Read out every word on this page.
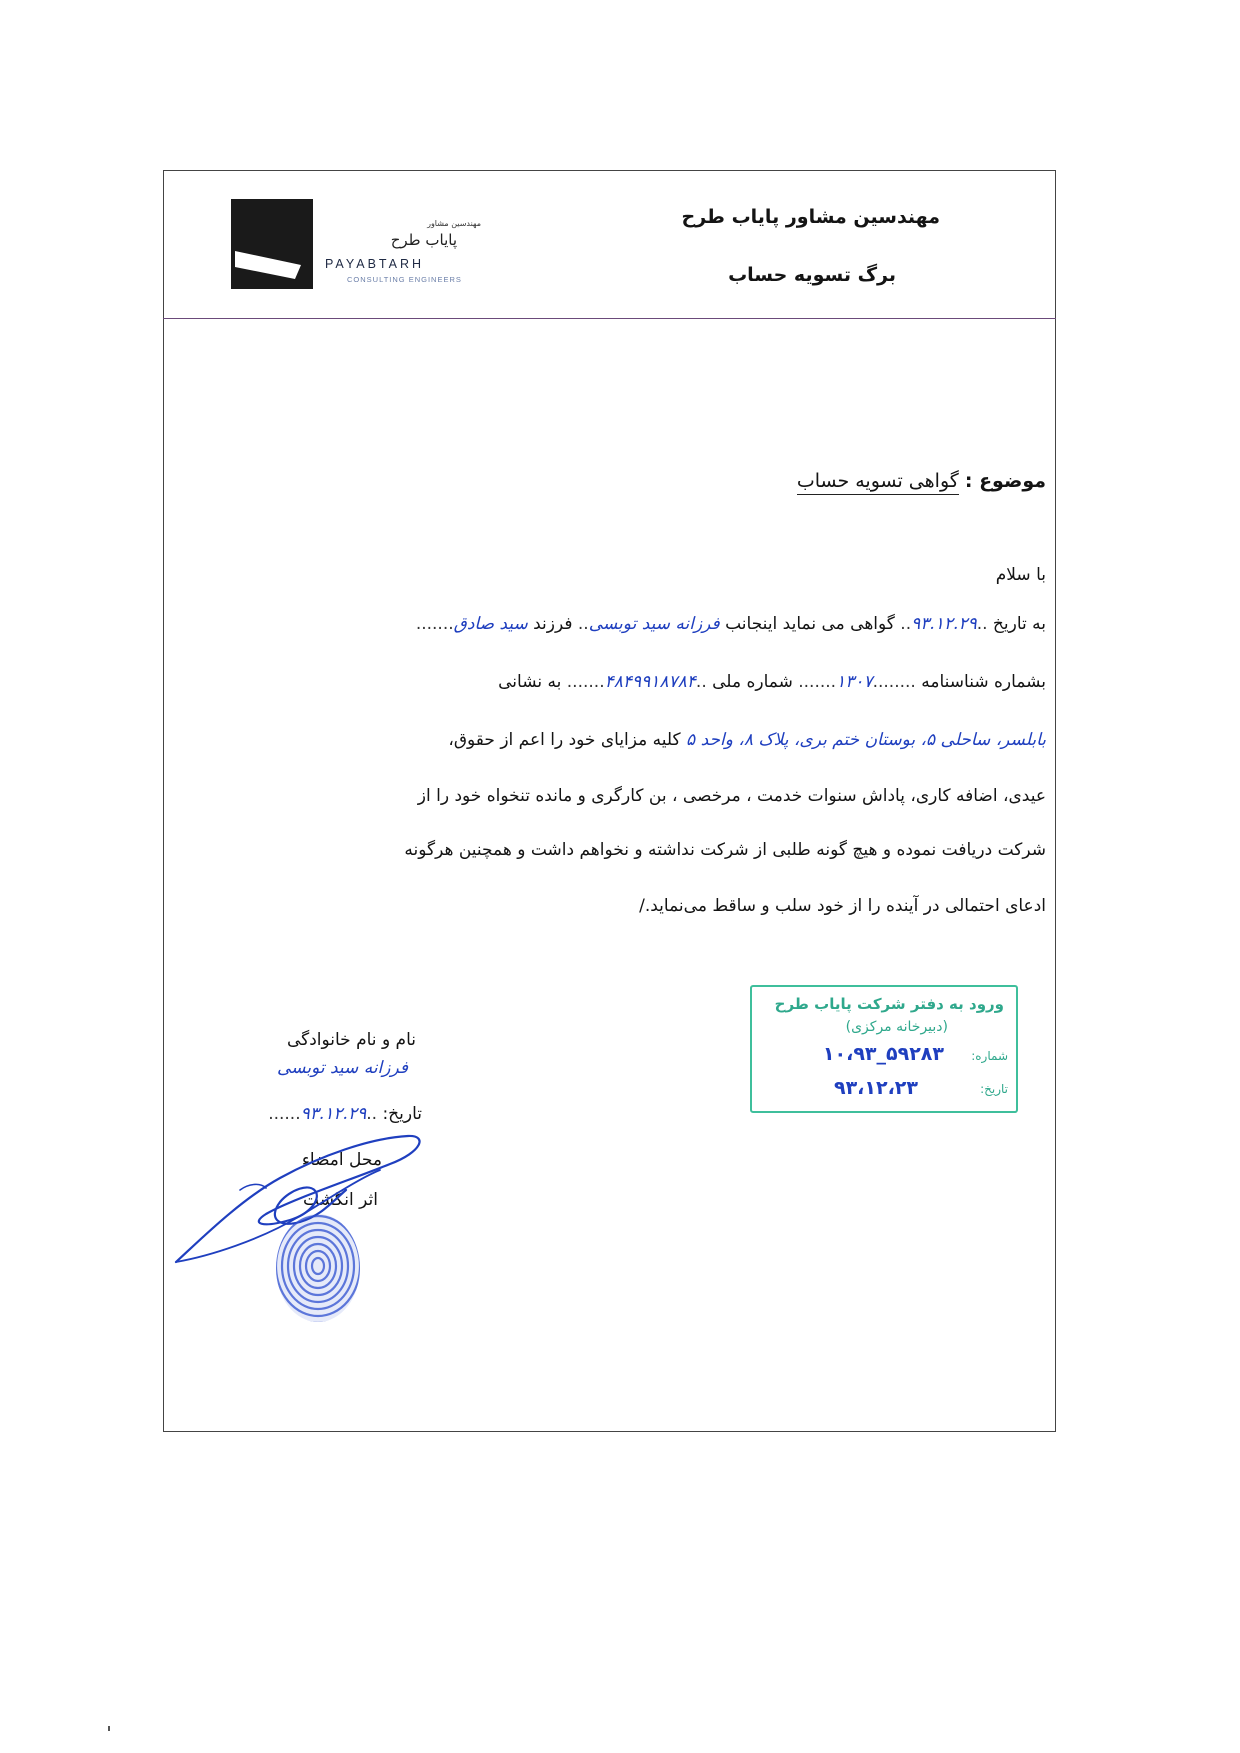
مهندسین مشاور پایاب طرح
برگ تسویه حساب
مهندسین مشاور
پایاب طرح
PAYABTARH
CONSULTING ENGINEERS
موضوع : گواهی تسویه حساب
با سلام
به تاریخ ..۹۳.۱۲.۲۹.. گواهی می نماید اینجانب فرزانه سید توبسی.. فرزند سید صادق.......
بشماره شناسنامه ........۱۳۰۷....... شماره ملی ..۴۸۴۹۹۱۸۷۸۴....... به نشانی
بابلسر، ساحلی ۵، بوستان ختم بری، پلاک ۸، واحد ۵ کلیه مزایای خود را اعم از حقوق،
عیدی، اضافه کاری، پاداش سنوات خدمت ، مرخصی ، بن کارگری و مانده تنخواه خود را از
شرکت دریافت نموده و هیچ گونه طلبی از شرکت نداشته و نخواهم داشت و همچنین هرگونه
ادعای احتمالی در آینده را از خود سلب و ساقط می‌نماید./
ورود به دفتر شرکت پایاب طرح
(دبیرخانه مرکزی)
شماره:
۱۰،۹۳_۵۹۲۸۳
تاریخ:
۹۳،۱۲،۲۳
نام و نام خانوادگی
فرزانه سید توبسی
تاریخ: ..۹۳.۱۲.۲۹......
محل امضاء
اثر انگشت
